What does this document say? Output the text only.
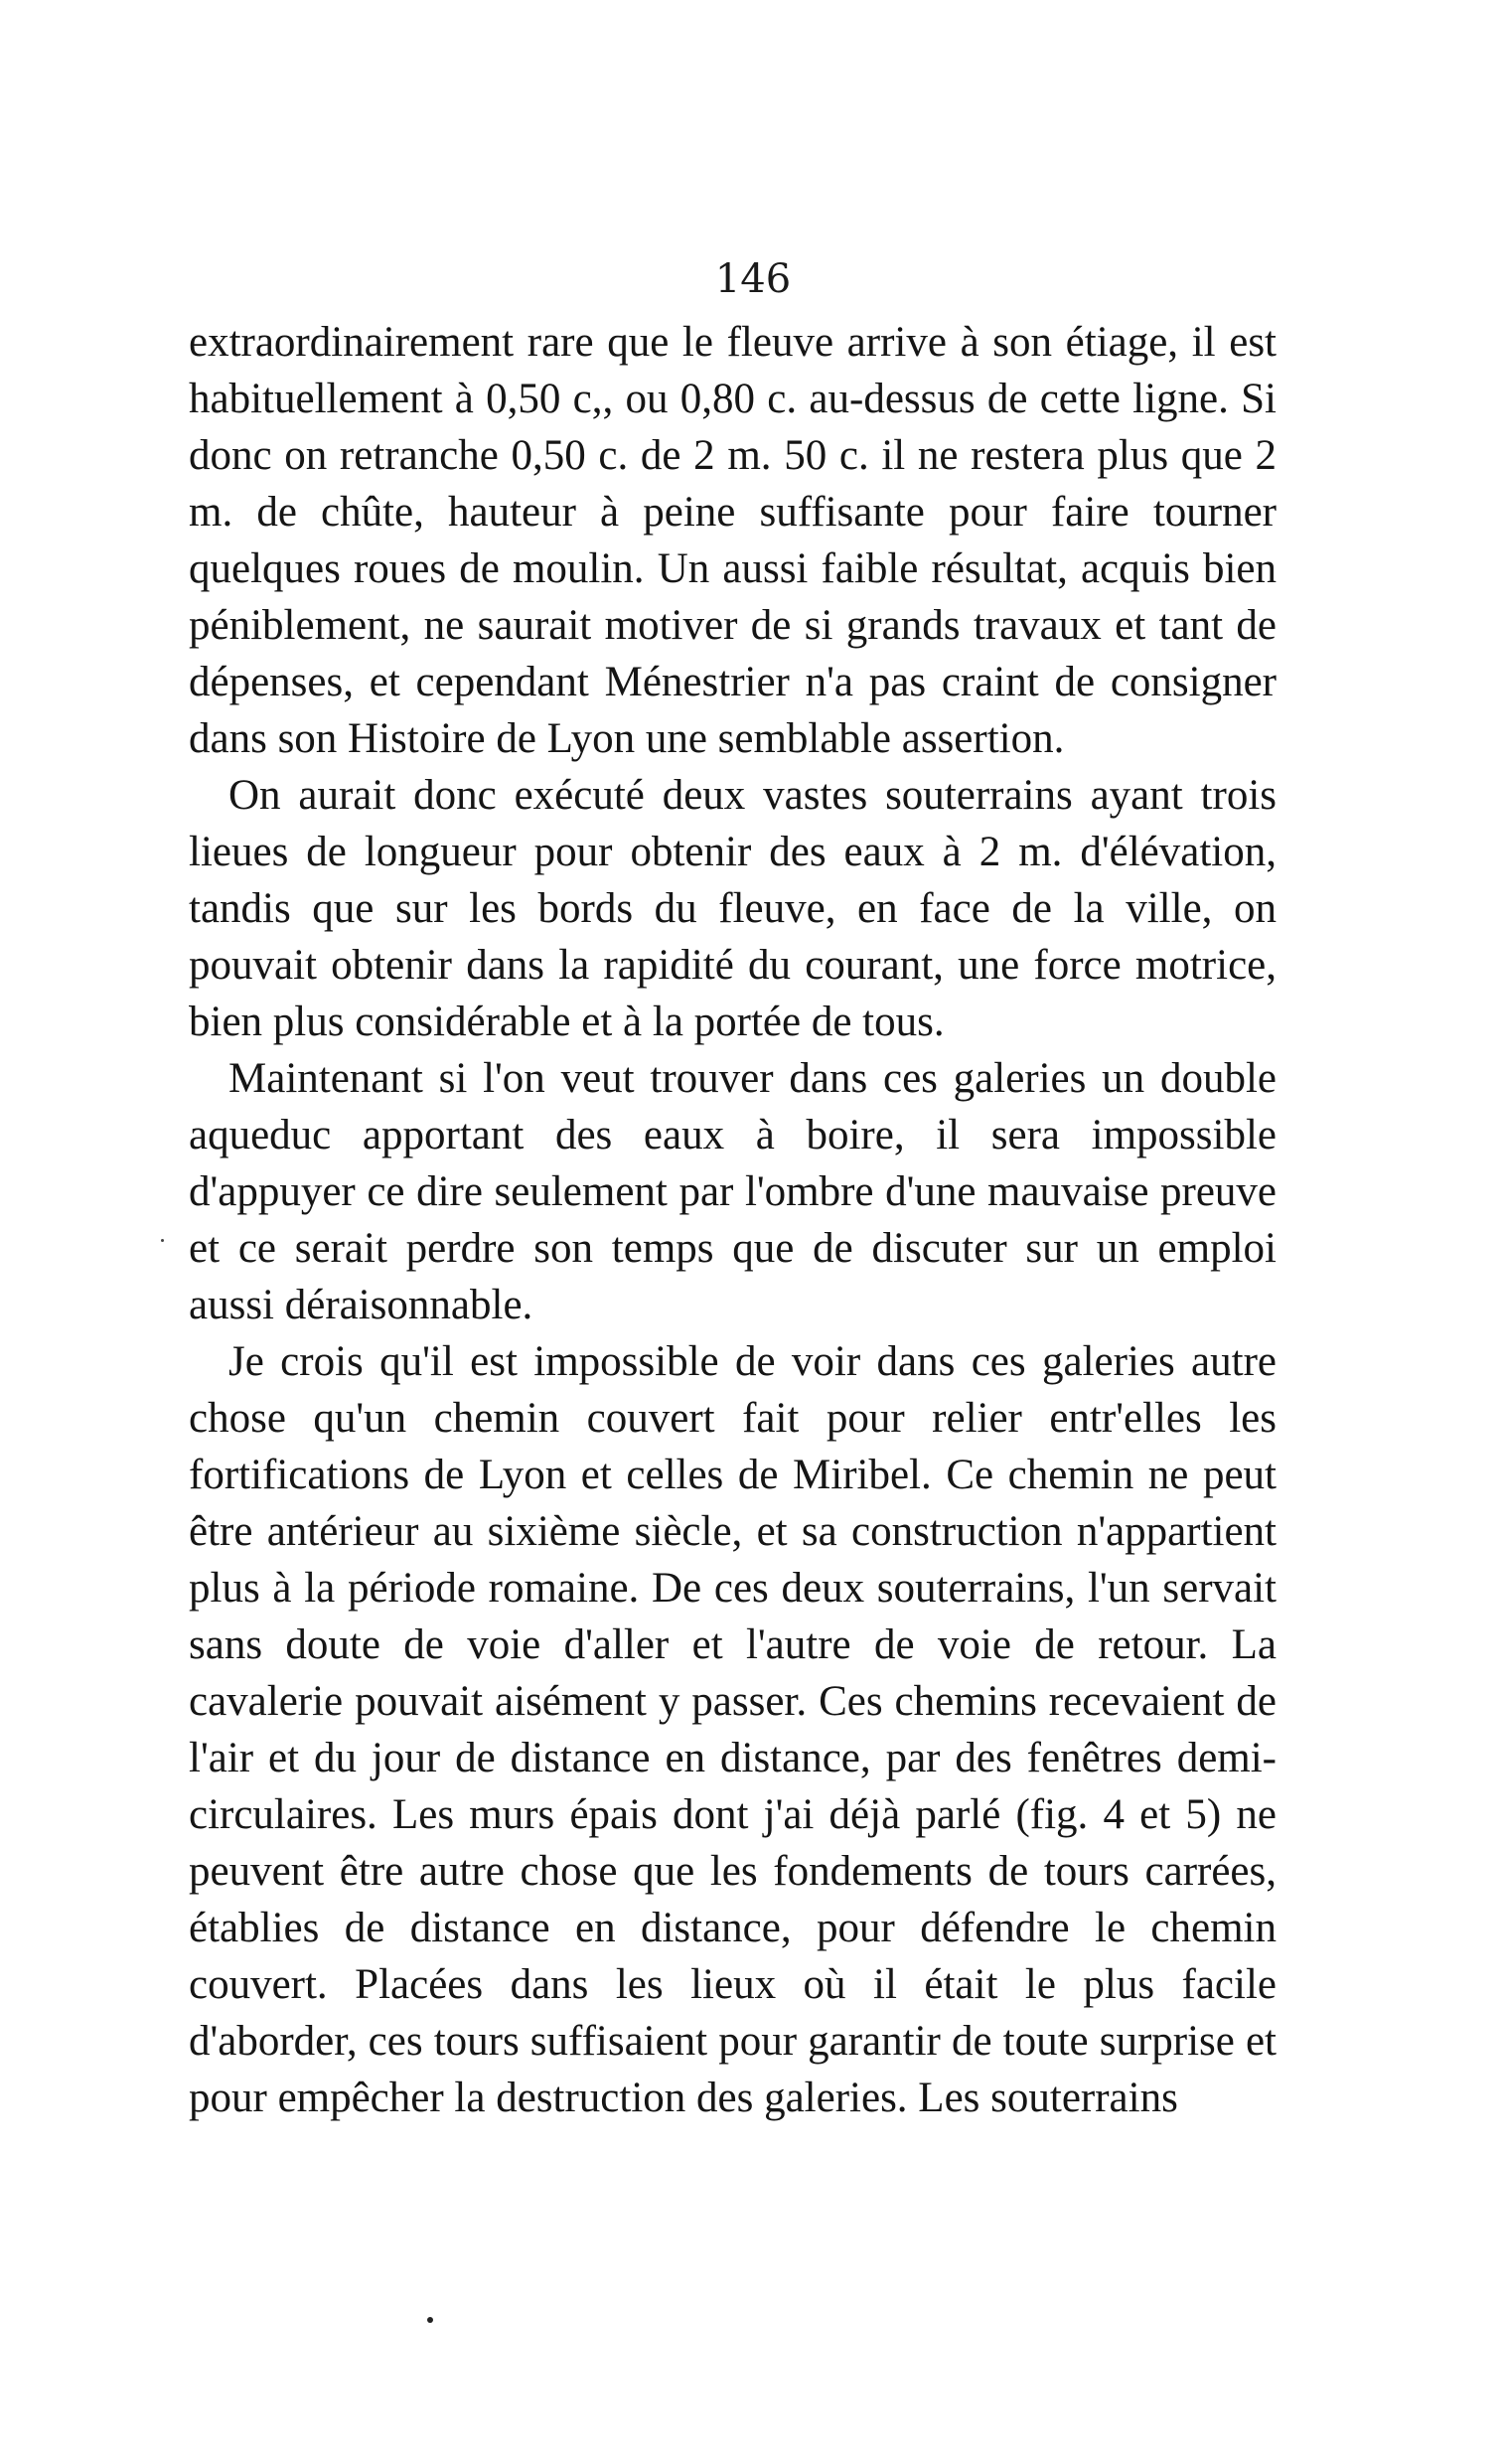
146

extraordinairement rare que le fleuve arrive à son étiage, il est habituellement à 0,50 c,, ou 0,80 c. au-dessus de cette ligne. Si donc on retranche 0,50 c. de 2 m. 50 c. il ne restera plus que 2 m. de chûte, hauteur à peine suffisante pour faire tourner quelques roues de moulin. Un aussi faible résultat, acquis bien péniblement, ne saurait motiver de si grands travaux et tant de dépenses, et cependant Ménestrier n'a pas craint de consigner dans son Histoire de Lyon une semblable assertion.

On aurait donc exécuté deux vastes souterrains ayant trois lieues de longueur pour obtenir des eaux à 2 m. d'élévation, tandis que sur les bords du fleuve, en face de la ville, on pouvait obtenir dans la rapidité du courant, une force motrice, bien plus considérable et à la portée de tous.

Maintenant si l'on veut trouver dans ces galeries un double aqueduc apportant des eaux à boire, il sera impossible d'appuyer ce dire seulement par l'ombre d'une mauvaise preuve et ce serait perdre son temps que de discuter sur un emploi aussi déraisonnable.

Je crois qu'il est impossible de voir dans ces galeries autre chose qu'un chemin couvert fait pour relier entr'elles les fortifications de Lyon et celles de Miribel. Ce chemin ne peut être antérieur au sixième siècle, et sa construction n'appartient plus à la période romaine. De ces deux souterrains, l'un servait sans doute de voie d'aller et l'autre de voie de retour. La cavalerie pouvait aisément y passer. Ces chemins recevaient de l'air et du jour de distance en distance, par des fenêtres demi-circulaires. Les murs épais dont j'ai déjà parlé (fig. 4 et 5) ne peuvent être autre chose que les fondements de tours carrées, établies de distance en distance, pour défendre le chemin couvert. Placées dans les lieux où il était le plus facile d'aborder, ces tours suffisaient pour garantir de toute surprise et pour empêcher la destruction des galeries. Les souterrains
